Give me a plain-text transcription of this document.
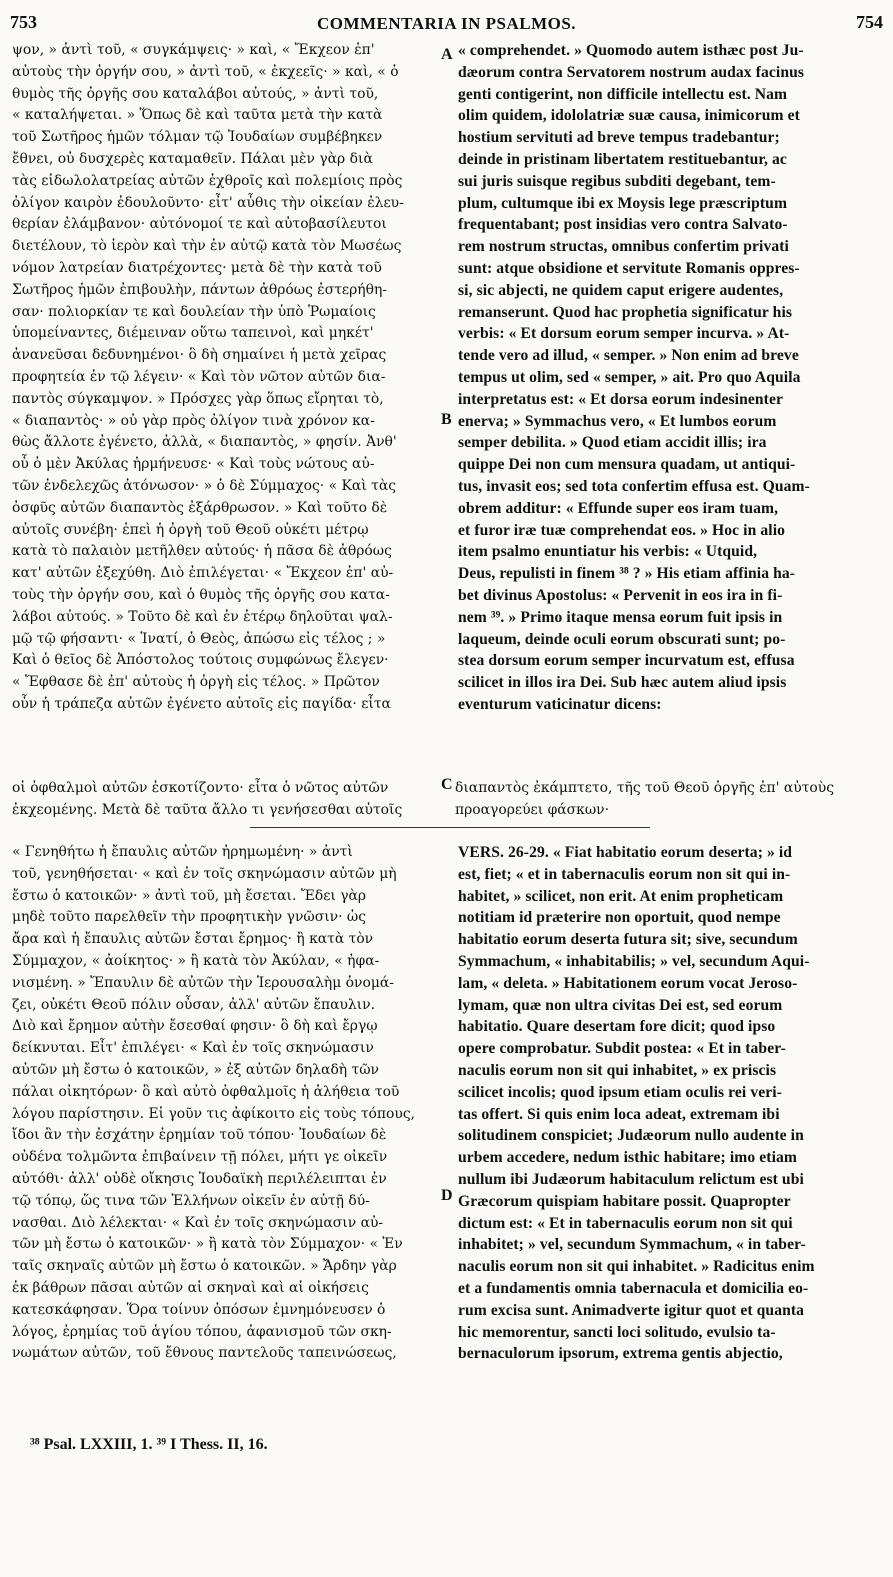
753	COMMENTARIA IN PSALMOS.	754
ψον, » ἀντὶ τοῦ, « συγκάμψεις· » καὶ, « Ἔκχεον ἐπ'
αὐτοὺς τὴν ὀργήν σου, » ἀντὶ τοῦ, « ἐκχεεῖς· » καὶ, « ὁ
θυμὸς τῆς ὀργῆς σου καταλάβοι αὐτούς, » ἀντὶ τοῦ,
« καταλήψεται. » Ὅπως δὲ καὶ ταῦτα μετὰ τὴν κατὰ
τοῦ Σωτῆρος ἡμῶν τόλμαν τῷ Ἰουδαίων συμβέβηκεν
ἔθνει, οὐ δυσχερὲς καταμαθεῖν. Πάλαι μὲν γὰρ διὰ
τὰς εἰδωλολατρείας αὐτῶν ἐχθροῖς καὶ πολεμίοις πρὸς
ὀλίγον καιρὸν ἐδουλοῦντο· εἶτ' αὖθις τὴν οἰκείαν ἐλευ-
θερίαν ἐλάμβανον· αὐτόνομοί τε καὶ αὐτοβασίλευτοι
διετέλουν, τὸ ἱερὸν καὶ τὴν ἐν αὐτῷ κατὰ τὸν Μωσέως
νόμον λατρείαν διατρέχοντες· μετὰ δὲ τὴν κατὰ τοῦ
Σωτῆρος ἡμῶν ἐπιβουλὴν, πάντων ἀθρόως ἐστερήθη-
σαν· πολιορκίαν τε καὶ δουλείαν τὴν ὑπὸ Ῥωμαίοις
ὑπομείναντες, διέμειναν οὕτω ταπεινοὶ, καὶ μηκέτ'
ἀνανεῦσαι δεδυνημένοι· ὃ δὴ σημαίνει ἡ μετὰ χεῖρας
προφητεία ἐν τῷ λέγειν· « Καὶ τὸν νῶτον αὐτῶν δια-
παντὸς σύγκαμψον. » Πρόσχες γὰρ ὅπως εἴρηται τὸ,
« διαπαντὸς· » οὐ γὰρ πρὸς ὀλίγον τινὰ χρόνον κα-
θὼς ἄλλοτε ἐγένετο, ἀλλὰ, « διαπαντὸς, » φησίν. Ἀνθ'
οὗ ὁ μὲν Ἀκύλας ἡρμήνευσε· « Καὶ τοὺς νώτους αὐ-
τῶν ἐνδελεχῶς ἀτόνωσον· » ὁ δὲ Σύμμαχος· « Καὶ τὰς
ὀσφῦς αὐτῶν διαπαντὸς ἐξάρθρωσον. » Καὶ τοῦτο δὲ
αὐτοῖς συνέβη· ἐπεὶ ἡ ὀργὴ τοῦ Θεοῦ οὐκέτι μέτρῳ
κατὰ τὸ παλαιὸν μετῆλθεν αὐτούς· ἡ πᾶσα δὲ ἀθρόως
κατ' αὐτῶν ἐξεχύθη. Διὸ ἐπιλέγεται· « Ἔκχεον ἐπ' αὐ-
τοὺς τὴν ὀργήν σου, καὶ ὁ θυμὸς τῆς ὀργῆς σου κατα-
λάβοι αὐτούς. » Τοῦτο δὲ καὶ ἐν ἑτέρῳ δηλοῦται ψαλ-
μῷ τῷ φήσαντι· « Ἱνατί, ὁ Θεὸς, ἀπώσω εἰς τέλος ; »
Καὶ ὁ θεῖος δὲ Ἀπόστολος τούτοις συμφώνως ἔλεγεν·
« Ἔφθασε δὲ ἐπ' αὐτοὺς ἡ ὀργὴ εἰς τέλος. » Πρῶτον
οὖν ἡ τράπεζα αὐτῶν ἐγένετο αὐτοῖς εἰς παγίδα· εἶτα
« comprehendet. » Quomodo autem isthæc post Ju-
dæorum contra Servatorem nostrum audax facinus
genti contigerint, non difficile intellectu est. Nam
olim quidem, idololatriæ suæ causa, inimicorum et
hostium servituti ad breve tempus tradebantur;
deinde in pristinam libertatem restituebantur, ac
sui juris suisque regibus subditi degebant, tem-
plum, cultumque ibi ex Moysis lege præscriptum
frequentabant; post insidias vero contra Salvato-
rem nostrum structas, omnibus confertim privati
sunt: atque obsidione et servitute Romanis oppres-
si, sic abjecti, ne quidem caput erigere audentes,
remanserunt. Quod hac prophetia significatur his
verbis: « Et dorsum eorum semper incurva. » At-
tende vero ad illud, « semper. » Non enim ad breve
tempus ut olim, sed « semper, » ait. Pro quo Aquila
interpretatus est: « Et dorsa eorum indesinenter
enerva; » Symmachus vero, « Et lumbos eorum
semper debilita. » Quod etiam accidit illis; ira
quippe Dei non cum mensura quadam, ut antiqui-
tus, invasit eos; sed tota confertim effusa est. Quam-
obrem additur: « Effunde super eos iram tuam,
et furor iræ tuæ comprehendat eos. » Hoc in alio
item psalmo enuntiatur his verbis: « Utquid,
Deus, repulisti in finem ³⁸ ? » His etiam affinia ha-
bet divinus Apostolus: « Pervenit in eos ira in fi-
nem ³⁹. » Primo itaque mensa eorum fuit ipsis in
laqueum, deinde oculi eorum obscurati sunt; po-
stea dorsum eorum semper incurvatum est, effusa
scilicet in illos ira Dei. Sub hæc autem aliud ipsis
eventurum vaticinatur dicens:
A
B
C
D
οἱ ὀφθαλμοὶ αὐτῶν ἐσκοτίζοντο· εἶτα ὁ νῶτος αὐτῶν
ἐκχεομένης. Μετὰ δὲ ταῦτα ἄλλο τι γενήσεσθαι αὐτοῖς
διαπαντὸς ἐκάμπτετο, τῆς τοῦ Θεοῦ ὀργῆς ἐπ' αὐτοὺς
προαγορεύει φάσκων·
« Γενηθήτω ἡ ἔπαυλις αὐτῶν ἠρημωμένη· » ἀντὶ
τοῦ, γενηθήσεται· « καὶ ἐν τοῖς σκηνώμασιν αὐτῶν μὴ
ἔστω ὁ κατοικῶν· » ἀντὶ τοῦ, μὴ ἔσεται. Ἔδει γὰρ
μηδὲ τοῦτο παρελθεῖν τὴν προφητικὴν γνῶσιν· ὡς
ἄρα καὶ ἡ ἔπαυλις αὐτῶν ἔσται ἔρημος· ἢ κατὰ τὸν
Σύμμαχον, « ἀοίκητος· » ἢ κατὰ τὸν Ἀκύλαν, « ἠφα-
νισμένη. » Ἔπαυλιν δὲ αὐτῶν τὴν Ἱερουσαλὴμ ὀνομά-
ζει, οὐκέτι Θεοῦ πόλιν οὖσαν, ἀλλ' αὐτῶν ἔπαυλιν.
Διὸ καὶ ἔρημον αὐτὴν ἔσεσθαί φησιν· ὃ δὴ καὶ ἔργῳ
δείκνυται. Εἶτ' ἐπιλέγει· « Καὶ ἐν τοῖς σκηνώμασιν
αὐτῶν μὴ ἔστω ὁ κατοικῶν, » ἐξ αὐτῶν δηλαδὴ τῶν
πάλαι οἰκητόρων· ὃ καὶ αὐτὸ ὀφθαλμοῖς ἡ ἀλήθεια τοῦ
λόγου παρίστησιν. Εἰ γοῦν τις ἀφίκοιτο εἰς τοὺς τόπους,
ἴδοι ἂν τὴν ἐσχάτην ἐρημίαν τοῦ τόπου· Ἰουδαίων δὲ
οὐδένα τολμῶντα ἐπιβαίνειν τῇ πόλει, μήτι γε οἰκεῖν
αὐτόθι· ἀλλ' οὐδὲ οἴκησις Ἰουδαϊκὴ περιλέλειπται ἐν
τῷ τόπῳ, ὥς τινα τῶν Ἑλλήνων οἰκεῖν ἐν αὐτῇ δύ-
νασθαι. Διὸ λέλεκται· « Καὶ ἐν τοῖς σκηνώμασιν αὐ-
τῶν μὴ ἔστω ὁ κατοικῶν· » ἢ κατὰ τὸν Σύμμαχον· « Ἐν
ταῖς σκηναῖς αὐτῶν μὴ ἔστω ὁ κατοικῶν. » Ἄρδην γὰρ
ἐκ βάθρων πᾶσαι αὐτῶν αἱ σκηναὶ καὶ αἱ οἰκήσεις
κατεσκάφησαν. Ὅρα τοίνυν ὁπόσων ἐμνημόνευσεν ὁ
λόγος, ἐρημίας τοῦ ἁγίου τόπου, ἀφανισμοῦ τῶν σκη-
νωμάτων αὐτῶν, τοῦ ἔθνους παντελοῦς ταπεινώσεως,
VERS. 26-29. « Fiat habitatio eorum deserta; » id
est, fiet; « et in tabernaculis eorum non sit qui in-
habitet, » scilicet, non erit. At enim propheticam
notitiam id præterire non oportuit, quod nempe
habitatio eorum deserta futura sit; sive, secundum
Symmachum, « inhabitabilis; » vel, secundum Aqui-
lam, « deleta. » Habitationem eorum vocat Jeroso-
lymam, quæ non ultra civitas Dei est, sed eorum
habitatio. Quare desertam fore dicit; quod ipso
opere comprobatur. Subdit postea: « Et in taber-
naculis eorum non sit qui inhabitet, » ex priscis
scilicet incolis; quod ipsum etiam oculis rei veri-
tas offert. Si quis enim loca adeat, extremam ibi
solitudinem conspiciet; Judæorum nullo audente in
urbem accedere, nedum isthic habitare; imo etiam
nullum ibi Judæorum habitaculum relictum est ubi
Græcorum quispiam habitare possit. Quapropter
dictum est: « Et in tabernaculis eorum non sit qui
inhabitet; » vel, secundum Symmachum, « in taber-
naculis eorum non sit qui inhabitet. » Radicitus enim
et a fundamentis omnia tabernacula et domicilia eo-
rum excisa sunt. Animadverte igitur quot et quanta
hic memorentur, sancti loci solitudo, evulsio ta-
bernaculorum ipsorum, extrema gentis abjectio,
³⁸ Psal. LXXIII, 1. ³⁹ I Thess. II, 16.
